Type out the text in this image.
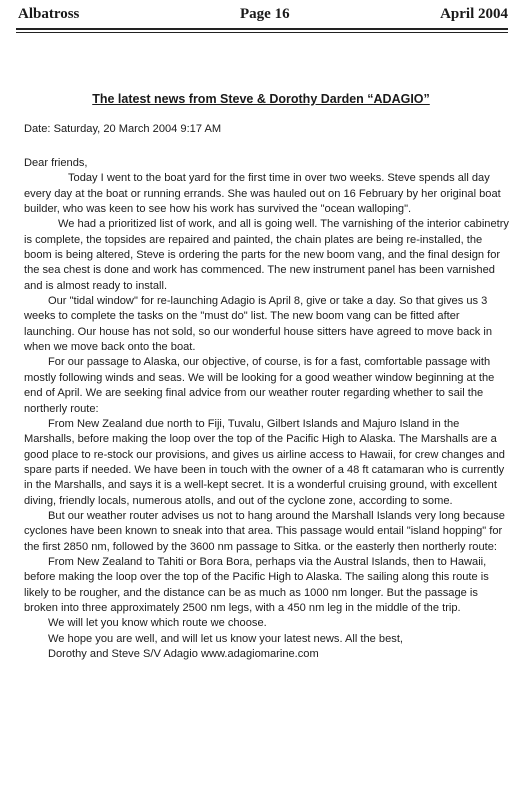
Albatross	Page 16	April 2004
The latest news from Steve & Dorothy Darden “ADAGIO”
Date: Saturday, 20 March 2004 9:17 AM

Dear friends,

Today I went to the boat yard for the first time in over two weeks. Steve spends all day every day at the boat or running errands. She was hauled out on 16 February by her original boat builder, who was keen to see how his work has survived the "ocean walloping".

We had a prioritized list of work, and all is going well. The varnishing of the interior cabinetry is complete, the topsides are repaired and painted, the chain plates are being re-installed, the boom is being altered, Steve is ordering the parts for the new boom vang, and the final design for the sea chest is done and work has commenced. The new instrument panel has been varnished and is almost ready to install.

Our "tidal window" for re-launching Adagio is April 8, give or take a day. So that gives us 3 weeks to complete the tasks on the "must do" list. The new boom vang can be fitted after launching. Our house has not sold, so our wonderful house sitters have agreed to move back in when we move back onto the boat.

For our passage to Alaska, our objective, of course, is for a fast, comfortable passage with mostly following winds and seas. We will be looking for a good weather window beginning at the end of April. We are seeking final advice from our weather router regarding whether to sail the northerly route:

From New Zealand due north to Fiji, Tuvalu, Gilbert Islands and Majuro Island in the Marshalls, before making the loop over the top of the Pacific High to Alaska. The Marshalls are a good place to re-stock our provisions, and gives us airline access to Hawaii, for crew changes and spare parts if needed. We have been in touch with the owner of a 48 ft catamaran who is currently in the Marshalls, and says it is a well-kept secret. It is a wonderful cruising ground, with excellent diving, friendly locals, numerous atolls, and out of the cyclone zone, according to some.

But our weather router advises us not to hang around the Marshall Islands very long because cyclones have been known to sneak into that area. This passage would entail "island hopping" for the first 2850 nm, followed by the 3600 nm passage to Sitka. or the easterly then northerly route:

From New Zealand to Tahiti or Bora Bora, perhaps via the Austral Islands, then to Hawaii, before making the loop over the top of the Pacific High to Alaska. The sailing along this route is likely to be rougher, and the distance can be as much as 1000 nm longer. But the passage is broken into three approximately 2500 nm legs, with a 450 nm leg in the middle of the trip.

We will let you know which route we choose.

We hope you are well, and will let us know your latest news. All the best,

Dorothy and Steve S/V Adagio www.adagiomarine.com
